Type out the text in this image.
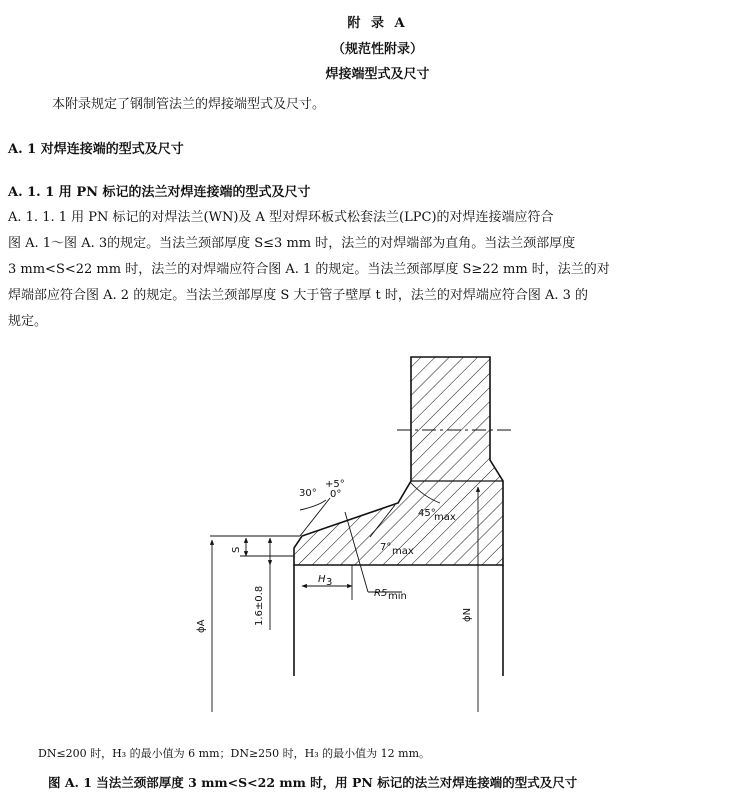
附 录 A
（规范性附录）
焊接端型式及尺寸
本附录规定了钢制管法兰的焊接端型式及尺寸。
A. 1 对焊连接端的型式及尺寸
A. 1. 1 用 PN 标记的法兰对焊连接端的型式及尺寸
A. 1. 1. 1 用 PN 标记的对焊法兰(WN)及 A 型对焊环板式松套法兰(LPC)的对焊连接端应符合
图 A. 1～图 A. 3的规定。当法兰颈部厚度 S≤3 mm 时，法兰的对焊端部为直角。当法兰颈部厚度
3 mm<S<22 mm 时，法兰的对焊端应符合图 A. 1 的规定。当法兰颈部厚度 S≥22 mm 时，法兰的对
焊端部应符合图 A. 2 的规定。当法兰颈部厚度 S 大于管子壁厚 t 时，法兰的对焊端应符合图 A. 3 的
规定。
ϕA
S
1.6±0.8
H 3
30°
+5°
0°
45°
max
7° max
R5 min
ϕN
DN≤200 时，H₃ 的最小值为 6 mm；DN≥250 时，H₃ 的最小值为 12 mm。
图 A. 1 当法兰颈部厚度 3 mm<S<22 mm 时，用 PN 标记的法兰对焊连接端的型式及尺寸
